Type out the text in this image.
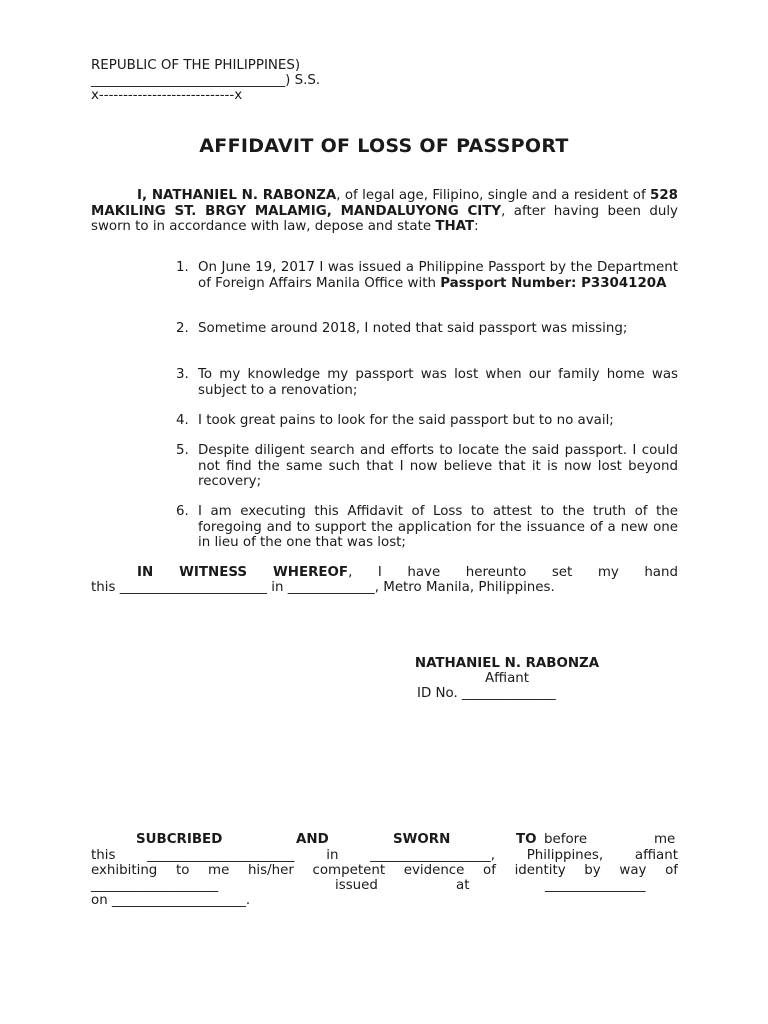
REPUBLIC OF THE PHILIPPINES)
_____________________________) S.S.
x----------------------------x
AFFIDAVIT OF LOSS OF PASSPORT
I, NATHANIEL N. RABONZA, of legal age, Filipino, single and a resident of 528 MAKILING ST. BRGY MALAMIG, MANDALUYONG CITY, after having been duly sworn to in accordance with law, depose and state THAT:
1. On June 19, 2017 I was issued a Philippine Passport by the Department of Foreign Affairs Manila Office with Passport Number: P3304120A
2. Sometime around 2018, I noted that said passport was missing;
3. To my knowledge my passport was lost when our family home was subject to a renovation;
4. I took great pains to look for the said passport but to no avail;
5. Despite diligent search and efforts to locate the said passport. I could not find the same such that I now believe that it is now lost beyond recovery;
6. I am executing this Affidavit of Loss to attest to the truth of the foregoing and to support the application for the issuance of a new one in lieu of the one that was lost;
IN WITNESS WHEREOF, I have hereunto set my hand
this ______________________ in _____________, Metro Manila, Philippines.
NATHANIEL N. RABONZA
Affiant
ID No. ______________
SUBCRIBED	AND	SWORN	TO before	me
this ______________________ in __________________, Philippines, affiant
exhibiting to me his/her competent evidence of identity by way of
___________________	issued	at	_______________
on ____________________.
